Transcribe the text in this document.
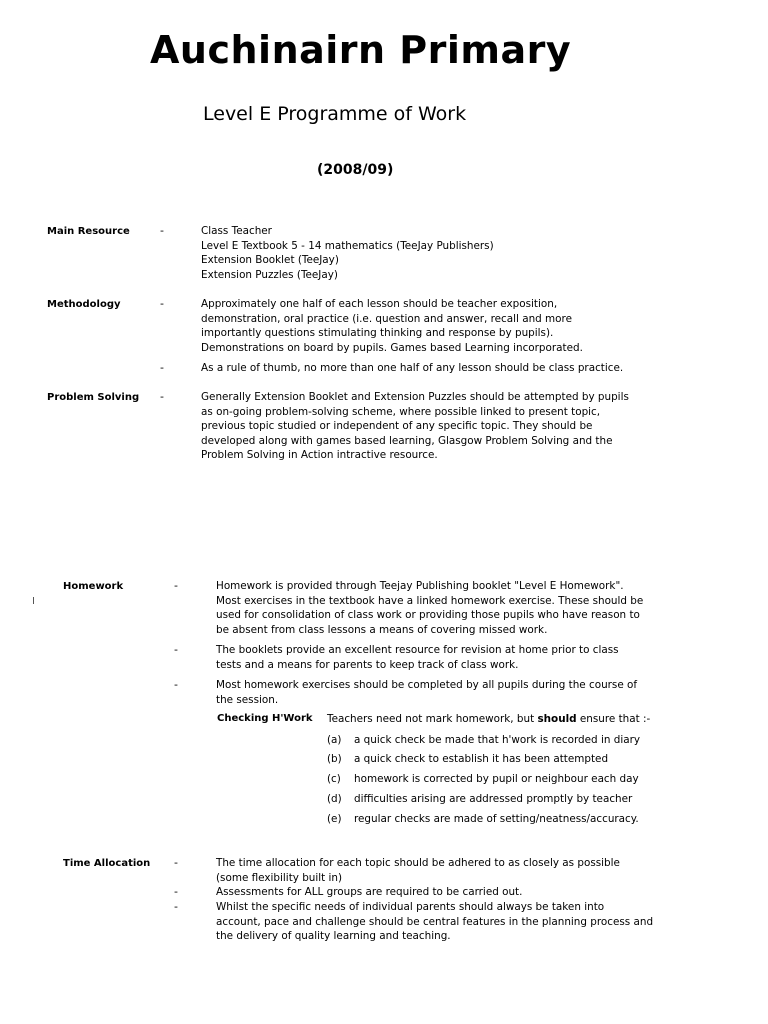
Auchinairn Primary
Level E Programme of Work
(2008/09)
Main Resource	-	Class Teacher
Level E Textbook 5 - 14 mathematics (TeeJay Publishers)
Extension Booklet (TeeJay)
Extension Puzzles (TeeJay)
Methodology	-	Approximately one half of each lesson should be teacher exposition,
demonstration, oral practice (i.e. question and answer, recall and more
importantly questions stimulating thinking and response by pupils).
Demonstrations on board by pupils. Games based Learning incorporated.
-	As a rule of thumb, no more than one half of any lesson should be class practice.
Problem Solving -	Generally Extension Booklet and Extension Puzzles should be attempted by pupils
as on-going problem-solving scheme, where possible linked to present topic,
previous topic studied or independent of any specific topic. They should be
developed along with games based learning, Glasgow Problem Solving and the
Problem Solving in Action intractive resource.
Homework	-	Homework is provided through Teejay Publishing booklet "Level E Homework".
Most exercises in the textbook have a linked homework exercise. These should be
used for consolidation of class work or providing those pupils who have reason to
be absent from class lessons a means of covering missed work.
-	The booklets provide an excellent resource for revision at home prior to class
tests and a means for parents to keep track of class work.
-	Most homework exercises should be completed by all pupils during the course of
the session.
Checking H'Work Teachers need not mark homework, but should ensure that :-
(a) a quick check be made that h'work is recorded in diary
(b) a quick check to establish it has been attempted
(c) homework is corrected by pupil or neighbour each day
(d) difficulties arising are addressed promptly by teacher
(e) regular checks are made of setting/neatness/accuracy.
Time Allocation -	The time allocation for each topic should be adhered to as closely as possible
(some flexibility built in)
-	Assessments for ALL groups are required to be carried out.
-	Whilst the specific needs of individual parents should always be taken into
account, pace and challenge should be central features in the planning process and
the delivery of quality learning and teaching.
